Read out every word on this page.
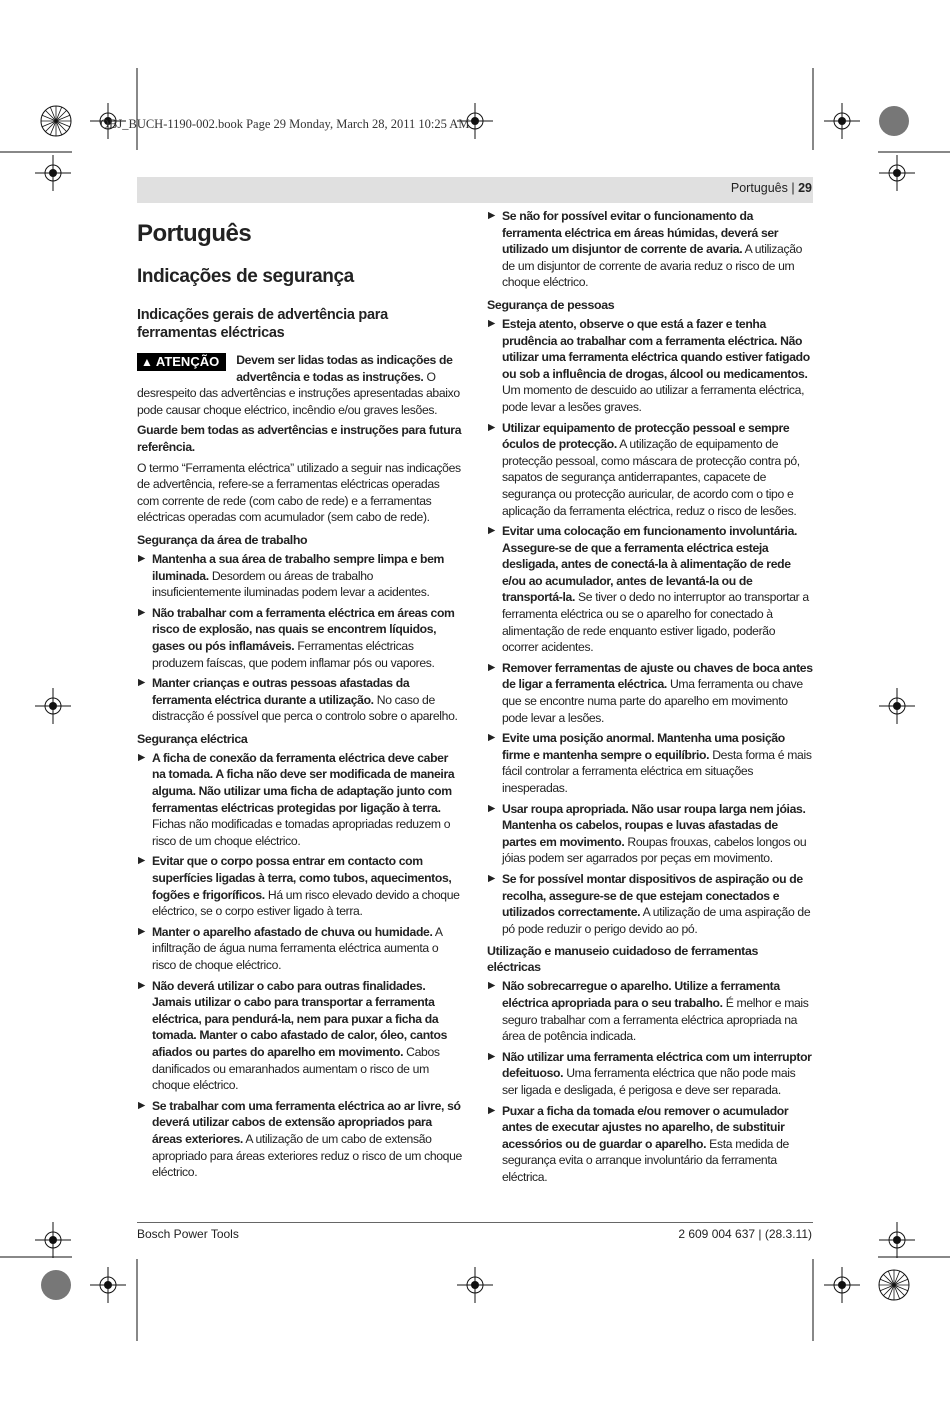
OBJ_BUCH-1190-002.book Page 29 Monday, March 28, 2011 10:25 AM
Português | 29
Português
Indicações de segurança
Indicações gerais de advertência para ferramentas eléctricas
▲ ATENÇÃO	Devem ser lidas todas as indicações de advertência e todas as instruções. O desrespeito das advertências e instruções apresentadas abaixo pode causar choque eléctrico, incêndio e/ou graves lesões.

Guarde bem todas as advertências e instruções para futura referência.

O termo “Ferramenta eléctrica” utilizado a seguir nas indicações de advertência, refere-se a ferramentas eléctricas operadas com corrente de rede (com cabo de rede) e a ferramentas eléctricas operadas com acumulador (sem cabo de rede).

Segurança da área de trabalho
▶ Mantenha a sua área de trabalho sempre limpa e bem iluminada. Desordem ou áreas de trabalho insuficientemente iluminadas podem levar a acidentes.
▶ Não trabalhar com a ferramenta eléctrica em áreas com risco de explosão, nas quais se encontrem líquidos, gases ou pós inflamáveis. Ferramentas eléctricas produzem faíscas, que podem inflamar pós ou vapores.
▶ Manter crianças e outras pessoas afastadas da ferramenta eléctrica durante a utilização. No caso de distracção é possível que perca o controlo sobre o aparelho.
Segurança eléctrica
▶ A ficha de conexão da ferramenta eléctrica deve caber na tomada. A ficha não deve ser modificada de maneira alguma. Não utilizar uma ficha de adaptação junto com ferramentas eléctricas protegidas por ligação à terra. Fichas não modificadas e tomadas apropriadas reduzem o risco de um choque eléctrico.
▶ Evitar que o corpo possa entrar em contacto com superfícies ligadas à terra, como tubos, aquecimentos, fogões e frigoríficos. Há um risco elevado devido a choque eléctrico, se o corpo estiver ligado à terra.
▶ Manter o aparelho afastado de chuva ou humidade. A infiltração de água numa ferramenta eléctrica aumenta o risco de choque eléctrico.
▶ Não deverá utilizar o cabo para outras finalidades. Jamais utilizar o cabo para transportar a ferramenta eléctrica, para pendurá-la, nem para puxar a ficha da tomada. Manter o cabo afastado de calor, óleo, cantos afiados ou partes do aparelho em movimento. Cabos danificados ou emaranhados aumentam o risco de um choque eléctrico.
▶ Se trabalhar com uma ferramenta eléctrica ao ar livre, só deverá utilizar cabos de extensão apropriados para áreas exteriores. A utilização de um cabo de extensão apropriado para áreas exteriores reduz o risco de um choque eléctrico.
▶ Se não for possível evitar o funcionamento da ferramenta eléctrica em áreas húmidas, deverá ser utilizado um disjuntor de corrente de avaria. A utilização de um disjuntor de corrente de avaria reduz o risco de um choque eléctrico.
Segurança de pessoas
▶ Esteja atento, observe o que está a fazer e tenha prudência ao trabalhar com a ferramenta eléctrica. Não utilizar uma ferramenta eléctrica quando estiver fatigado ou sob a influência de drogas, álcool ou medicamentos. Um momento de descuido ao utilizar a ferramenta eléctrica, pode levar a lesões graves.
▶ Utilizar equipamento de protecção pessoal e sempre óculos de protecção. A utilização de equipamento de protecção pessoal, como máscara de protecção contra pó, sapatos de segurança antiderrapantes, capacete de segurança ou protecção auricular, de acordo com o tipo e aplicação da ferramenta eléctrica, reduz o risco de lesões.
▶ Evitar uma colocação em funcionamento involuntária. Assegure-se de que a ferramenta eléctrica esteja desligada, antes de conectá-la à alimentação de rede e/ou ao acumulador, antes de levantá-la ou de transportá-la. Se tiver o dedo no interruptor ao transportar a ferramenta eléctrica ou se o aparelho for conectado à alimentação de rede enquanto estiver ligado, poderão ocorrer acidentes.
▶ Remover ferramentas de ajuste ou chaves de boca antes de ligar a ferramenta eléctrica. Uma ferramenta ou chave que se encontre numa parte do aparelho em movimento pode levar a lesões.
▶ Evite uma posição anormal. Mantenha uma posição firme e mantenha sempre o equilíbrio. Desta forma é mais fácil controlar a ferramenta eléctrica em situações inesperadas.
▶ Usar roupa apropriada. Não usar roupa larga nem jóias. Mantenha os cabelos, roupas e luvas afastadas de partes em movimento. Roupas frouxas, cabelos longos ou jóias podem ser agarrados por peças em movimento.
▶ Se for possível montar dispositivos de aspiração ou de recolha, assegure-se de que estejam conectados e utilizados correctamente. A utilização de uma aspiração de pó pode reduzir o perigo devido ao pó.
Utilização e manuseio cuidadoso de ferramentas eléctricas
▶ Não sobrecarregue o aparelho. Utilize a ferramenta eléctrica apropriada para o seu trabalho. É melhor e mais seguro trabalhar com a ferramenta eléctrica apropriada na área de potência indicada.
▶ Não utilizar uma ferramenta eléctrica com um interruptor defeituoso. Uma ferramenta eléctrica que não pode mais ser ligada e desligada, é perigosa e deve ser reparada.
▶ Puxar a ficha da tomada e/ou remover o acumulador antes de executar ajustes no aparelho, de substituir acessórios ou de guardar o aparelho. Esta medida de segurança evita o arranque involuntário da ferramenta eléctrica.
Bosch Power Tools	2 609 004 637 | (28.3.11)
